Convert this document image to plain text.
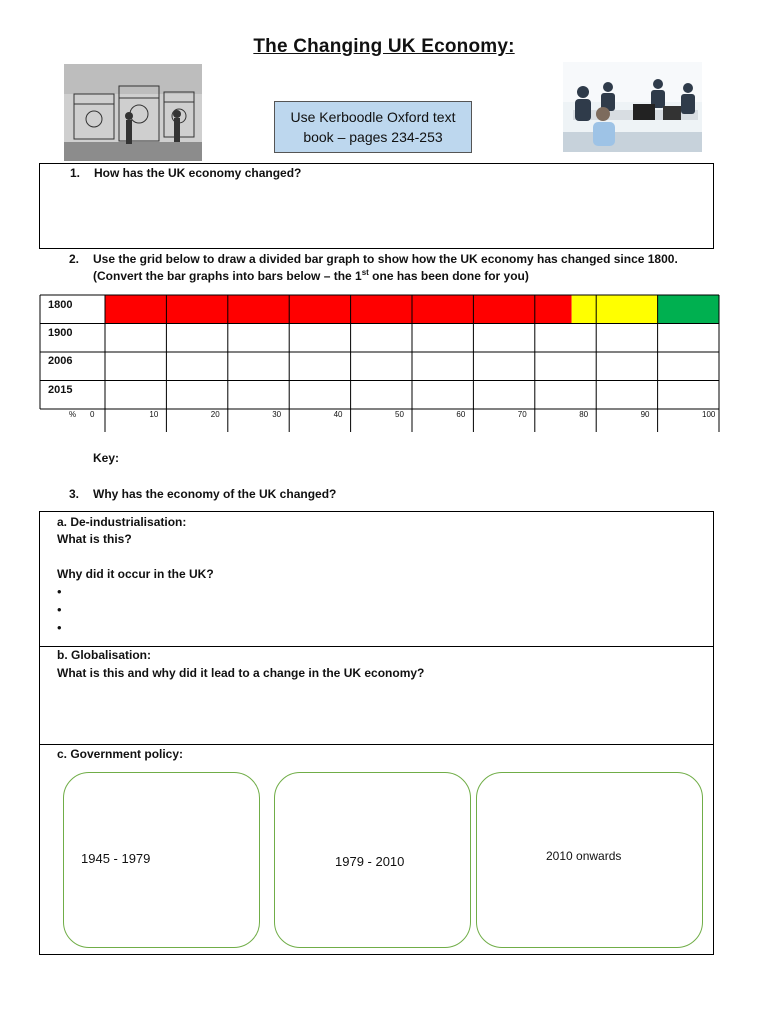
The Changing UK Economy:
Use Kerboodle Oxford text
book – pages 234-253
1. How has the UK economy changed?
2. Use the grid below to draw a divided bar graph to show how the UK economy has changed since 1800.
(Convert the bar graphs into bars below – the 1st one has been done for you)
1800
1900
2006
2015
% 0	10	20	30	40	50	60	70	80	90	100
Key:
3. Why has the economy of the UK changed?
a. De-industrialisation:
What is this?
Why did it occur in the UK?
•
•
•
b. Globalisation:
What is this and why did it lead to a change in the UK economy?
c. Government policy:
1945 - 1979	1979 - 2010	2010 onwards
